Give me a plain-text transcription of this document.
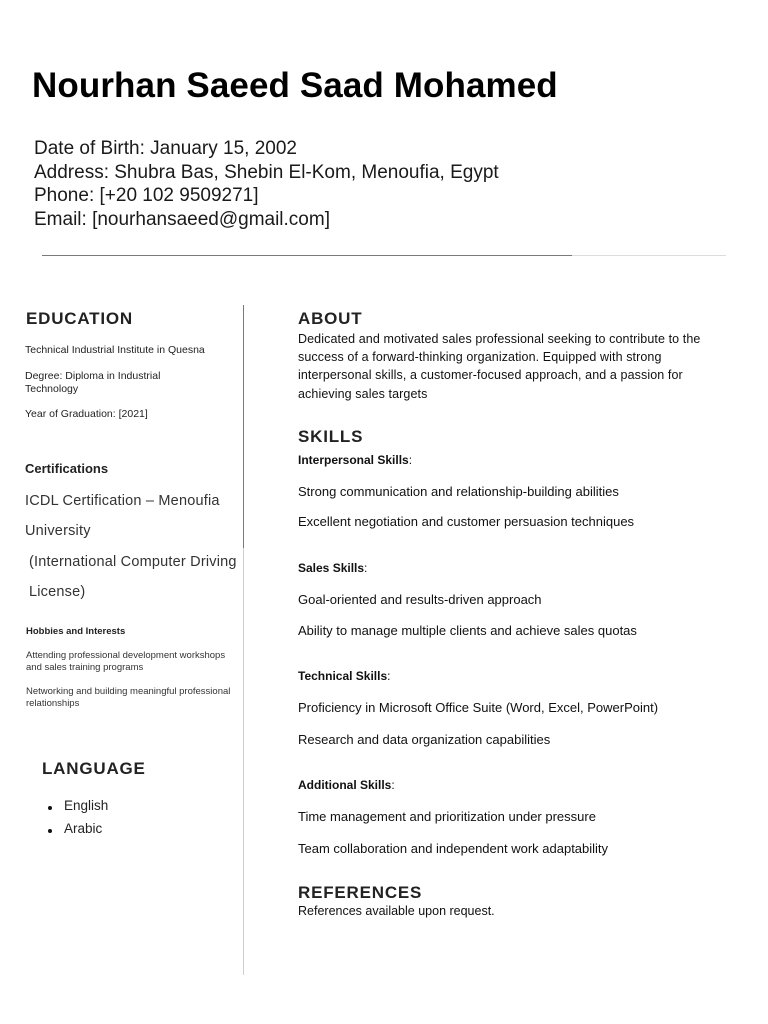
Nourhan Saeed Saad Mohamed
Date of Birth: January 15, 2002
Address: Shubra Bas, Shebin El-Kom, Menoufia, Egypt
Phone: [+20 102 9509271]
Email: [nourhansaeed@gmail.com]
EDUCATION
Technical Industrial Institute in Quesna
Degree: Diploma in Industrial Technology
Year of Graduation: [2021]
Certifications
ICDL Certification – Menoufia University
(International Computer Driving License)
Hobbies and Interests
Attending professional development workshops and sales training programs
Networking and building meaningful professional relationships
LANGUAGE
English
Arabic
ABOUT
Dedicated and motivated sales professional seeking to contribute to the success of a forward-thinking organization. Equipped with strong interpersonal skills, a customer-focused approach, and a passion for achieving sales targets
SKILLS
Interpersonal Skills:
Strong communication and relationship-building abilities
Excellent negotiation and customer persuasion techniques
Sales Skills:
Goal-oriented and results-driven approach
Ability to manage multiple clients and achieve sales quotas
Technical Skills:
Proficiency in Microsoft Office Suite (Word, Excel, PowerPoint)
Research and data organization capabilities
Additional Skills:
Time management and prioritization under pressure
Team collaboration and independent work adaptability
REFERENCES
References available upon request.
